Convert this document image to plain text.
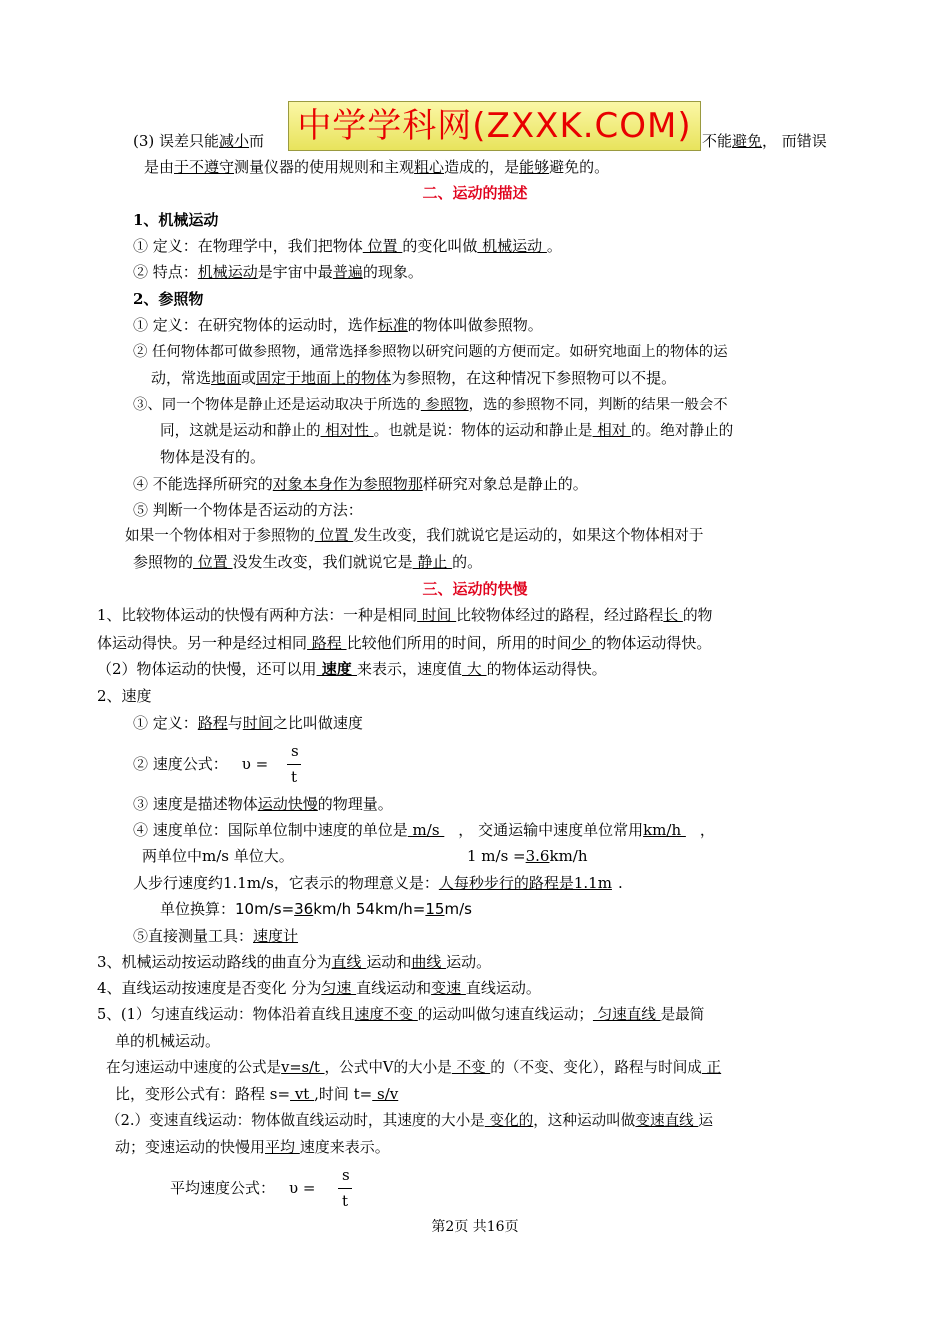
中学学科网(ZXXK.COM)
(3) 误差只能减小而	不能避免， 而错误
是由于不遵守测量仪器的使用规则和主观粗心造成的，是能够避免的。
二、运动的描述
1、机械运动
① 定义：在物理学中，我们把物体 位置 的变化叫做 机械运动 。
② 特点：机械运动是宇宙中最普遍的现象。
2、参照物
① 定义：在研究物体的运动时，选作标准的物体叫做参照物。
② 任何物体都可做参照物，通常选择参照物以研究问题的方便而定。如研究地面上的物体的运
动，常选地面或固定于地面上的物体为参照物，在这种情况下参照物可以不提。
③、同一个物体是静止还是运动取决于所选的 参照物，选的参照物不同，判断的结果一般会不
同，这就是运动和静止的 相对性 。也就是说：物体的运动和静止是 相对 的。绝对静止的
物体是没有的。
④ 不能选择所研究的对象本身作为参照物那样研究对象总是静止的。
⑤ 判断一个物体是否运动的方法：
如果一个物体相对于参照物的 位置 发生改变，我们就说它是运动的，如果这个物体相对于
参照物的 位置 没发生改变，我们就说它是 静止 的。
三、运动的快慢
1、比较物体运动的快慢有两种方法：一种是相同 时间 比较物体经过的路程，经过路程长 的物
体运动得快。另一种是经过相同 路程 比较他们所用的时间，所用的时间少 的物体运动得快。
（2）物体运动的快慢，还可以用 速度 来表示，速度值 大 的物体运动得快。
2、速度
① 定义：路程与时间之比叫做速度
② 速度公式： υ =
s
t
③ 速度是描述物体运动快慢的物理量。
④ 速度单位：国际单位制中速度的单位是 m/s ， 交通运输中速度单位常用km/h ，
两单位中m/s 单位大。	1 m/s =3.6km/h
人步行速度约1.1m/s，它表示的物理意义是：人每秒步行的路程是1.1m .
单位换算：10m/s=36km/h 54km/h=15m/s
⑤直接测量工具：速度计
3、机械运动按运动路线的曲直分为直线 运动和曲线 运动。
4、直线运动按速度是否变化 分为匀速 直线运动和变速 直线运动。
5、(1）匀速直线运动：物体沿着直线且速度不变 的运动叫做匀速直线运动； 匀速直线 是最简
单的机械运动。
在匀速运动中速度的公式是v=s/t ，公式中V的大小是 不变 的（不变、变化），路程与时间成 正
比，变形公式有：路程 s= vt ,时间 t= s/v
（2.）变速直线运动：物体做直线运动时，其速度的大小是 变化的，这种运动叫做变速直线 运
动；变速运动的快慢用平均 速度来表示。
平均速度公式： υ =
s
t
第2页 共16页
